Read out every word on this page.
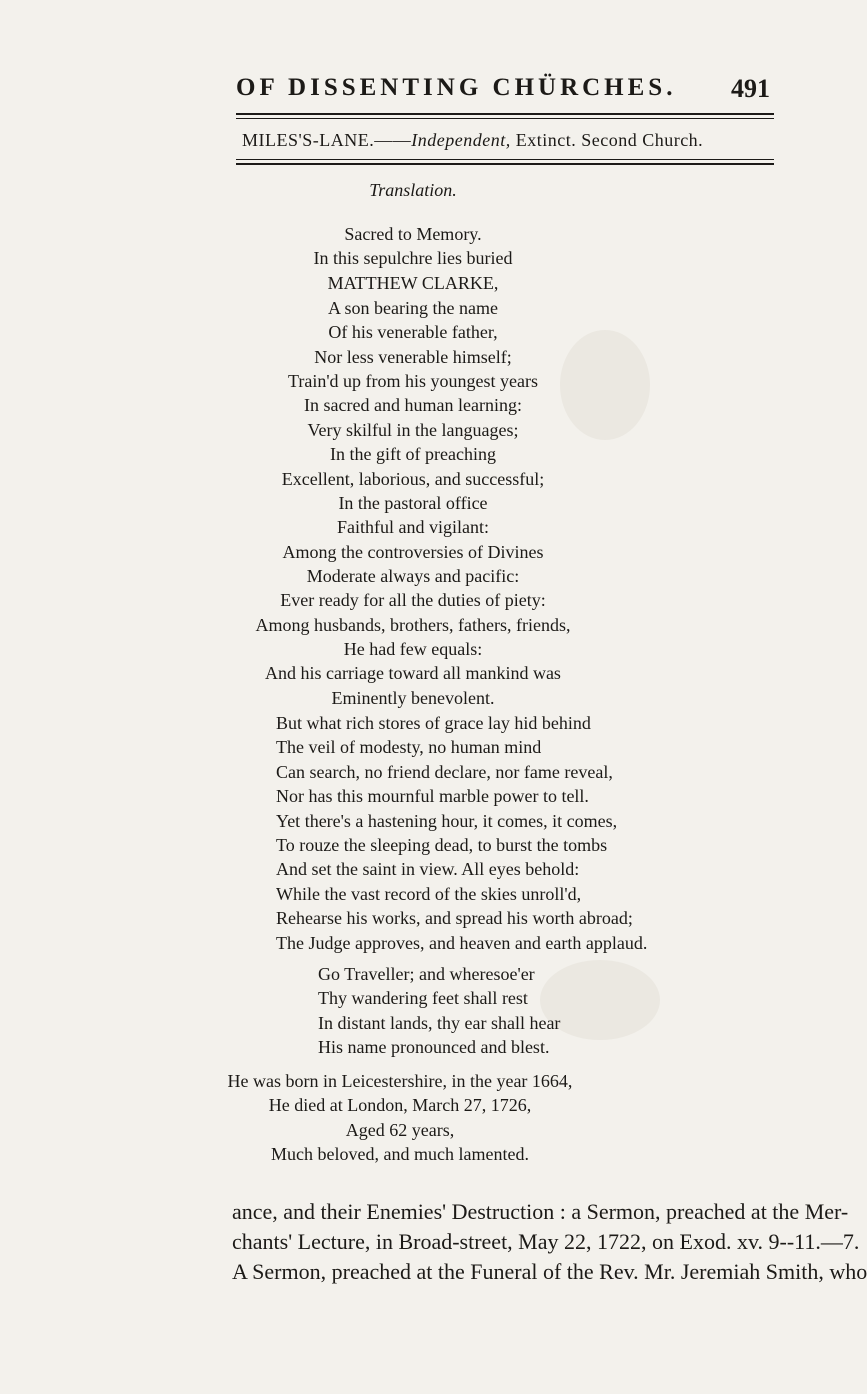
OF DISSENTING CHÜRCHES. 491
MILES'S-LANE.——Independent, Extinct. Second Church.
Translation.
Sacred to Memory.
In this sepulchre lies buried
MATTHEW CLARKE,
A son bearing the name
Of his venerable father,
Nor less venerable himself;
Train'd up from his youngest years
In sacred and human learning:
Very skilful in the languages;
In the gift of preaching
Excellent, laborious, and successful;
In the pastoral office
Faithful and vigilant:
Among the controversies of Divines
Moderate always and pacific:
Ever ready for all the duties of piety:
Among husbands, brothers, fathers, friends,
He had few equals:
And his carriage toward all mankind was
Eminently benevolent.
But what rich stores of grace lay hid behind
The veil of modesty, no human mind
Can search, no friend declare, nor fame reveal,
Nor has this mournful marble power to tell.
Yet there's a hastening hour, it comes, it comes,
To rouze the sleeping dead, to burst the tombs
And set the saint in view. All eyes behold:
While the vast record of the skies unroll'd,
Rehearse his works, and spread his worth abroad;
The Judge approves, and heaven and earth applaud.
Go Traveller; and wheresoe'er
Thy wandering feet shall rest
In distant lands, thy ear shall hear
His name pronounced and blest.
He was born in Leicestershire, in the year 1664,
He died at London, March 27, 1726,
Aged 62 years,
Much beloved, and much lamented.
ance, and their Enemies' Destruction : a Sermon, preached at the Mer-
chants' Lecture, in Broad-street, May 22, 1722, on Exod. xv. 9--11.—7.
A Sermon, preached at the Funeral of the Rev. Mr. Jeremiah Smith, who
